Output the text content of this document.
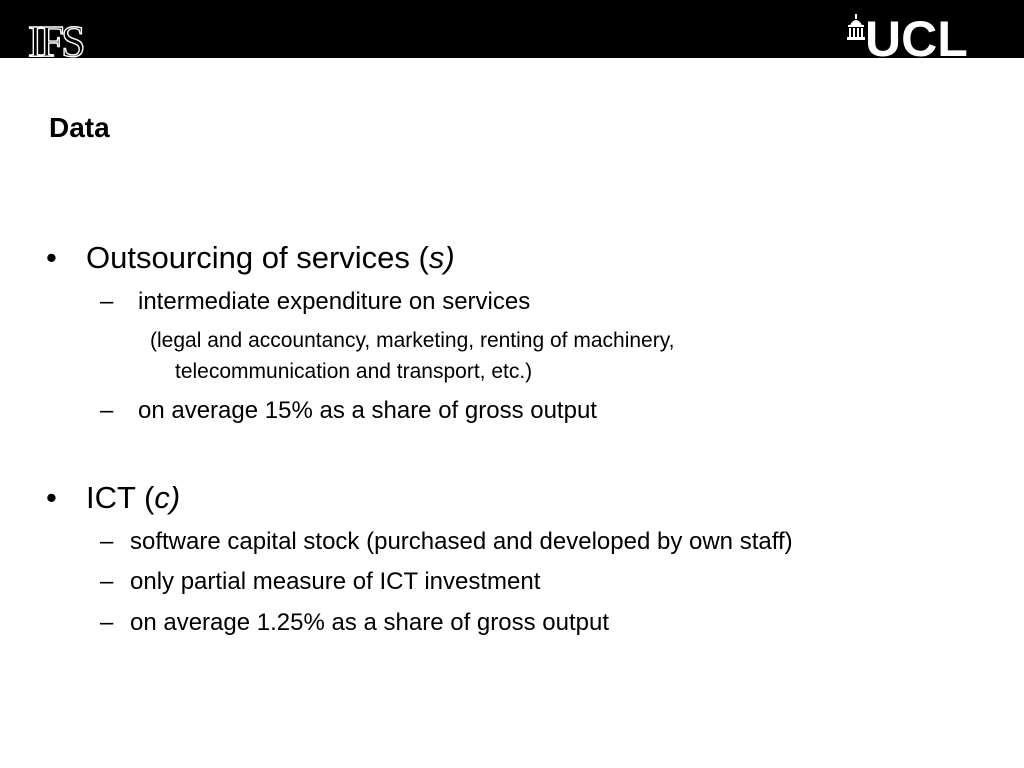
IFS	UCL
Data
• Outsourcing of services (s)
– intermediate expenditure on services
(legal and accountancy, marketing, renting of machinery,
telecommunication and transport, etc.)
– on average 15% as a share of gross output
• ICT (c)
– software capital stock (purchased and developed by own staff)
– only partial measure of ICT investment
– on average 1.25% as a share of gross output
